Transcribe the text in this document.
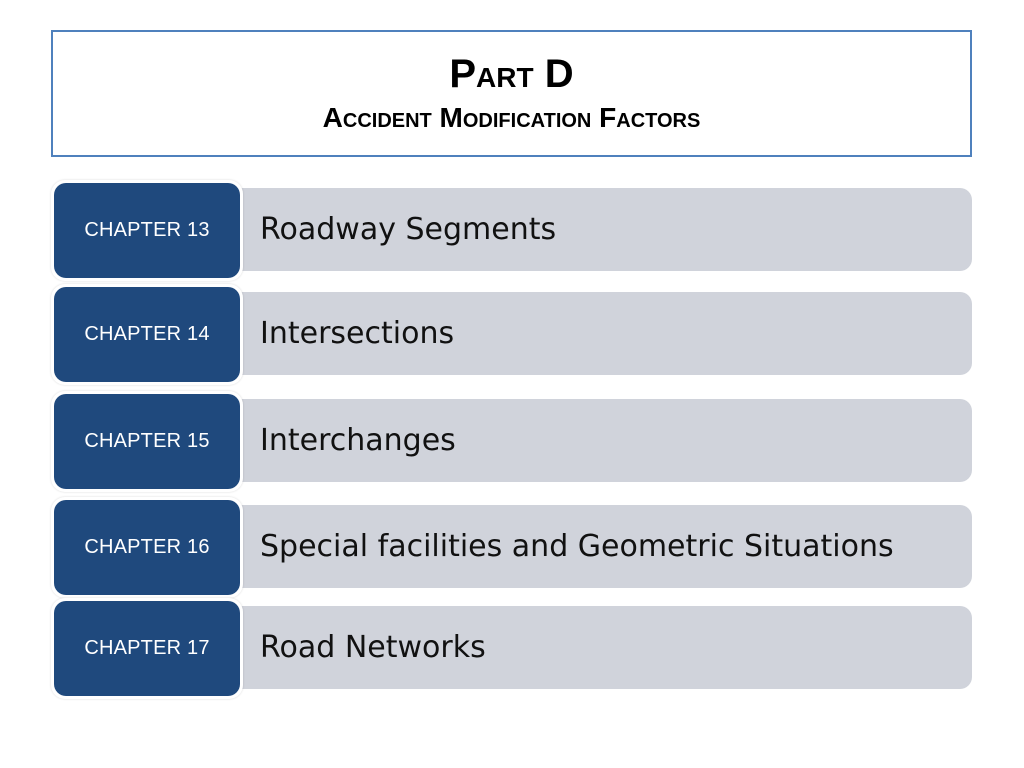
Part D
Accident Modification Factors
Roadway Segments
CHAPTER 13
Intersections
CHAPTER 14
Interchanges
CHAPTER 15
Special facilities and Geometric Situations
CHAPTER 16
Road Networks
CHAPTER 17
